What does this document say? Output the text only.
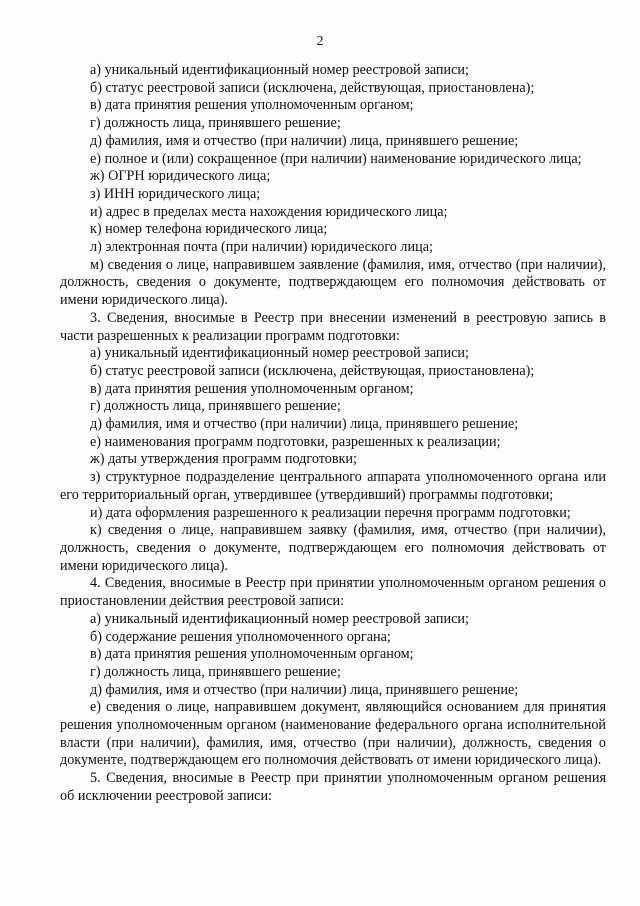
2

а) уникальный идентификационный номер реестровой записи;

б) статус реестровой записи (исключена, действующая, приостановлена);

в) дата принятия решения уполномоченным органом;

г) должность лица, принявшего решение;

д) фамилия, имя и отчество (при наличии) лица, принявшего решение;

е) полное и (или) сокращенное (при наличии) наименование юридического лица;

ж) ОГРН юридического лица;

з) ИНН юридического лица;

и) адрес в пределах места нахождения юридического лица;

к) номер телефона юридического лица;

л) электронная почта (при наличии) юридического лица;

м) сведения о лице, направившем заявление (фамилия, имя, отчество (при наличии), должность, сведения о документе, подтверждающем его полномочия действовать от имени юридического лица).

3. Сведения, вносимые в Реестр при внесении изменений в реестровую запись в части разрешенных к реализации программ подготовки:

а) уникальный идентификационный номер реестровой записи;

б) статус реестровой записи (исключена, действующая, приостановлена);

в) дата принятия решения уполномоченным органом;

г) должность лица, принявшего решение;

д) фамилия, имя и отчество (при наличии) лица, принявшего решение;

е) наименования программ подготовки, разрешенных к реализации;

ж) даты утверждения программ подготовки;

з) структурное подразделение центрального аппарата уполномоченного органа или его территориальный орган, утвердившее (утвердивший) программы подготовки;

и) дата оформления разрешенного к реализации перечня программ подготовки;

к) сведения о лице, направившем заявку (фамилия, имя, отчество (при наличии), должность, сведения о документе, подтверждающем его полномочия действовать от имени юридического лица).

4. Сведения, вносимые в Реестр при принятии уполномоченным органом решения о приостановлении действия реестровой записи:

а) уникальный идентификационный номер реестровой записи;

б) содержание решения уполномоченного органа;

в) дата принятия решения уполномоченным органом;

г) должность лица, принявшего решение;

д) фамилия, имя и отчество (при наличии) лица, принявшего решение;

е) сведения о лице, направившем документ, являющийся основанием для принятия решения уполномоченным органом (наименование федерального органа исполнительной власти (при наличии), фамилия, имя, отчество (при наличии), должность, сведения о документе, подтверждающем его полномочия действовать от имени юридического лица).

5. Сведения, вносимые в Реестр при принятии уполномоченным органом решения об исключении реестровой записи:
